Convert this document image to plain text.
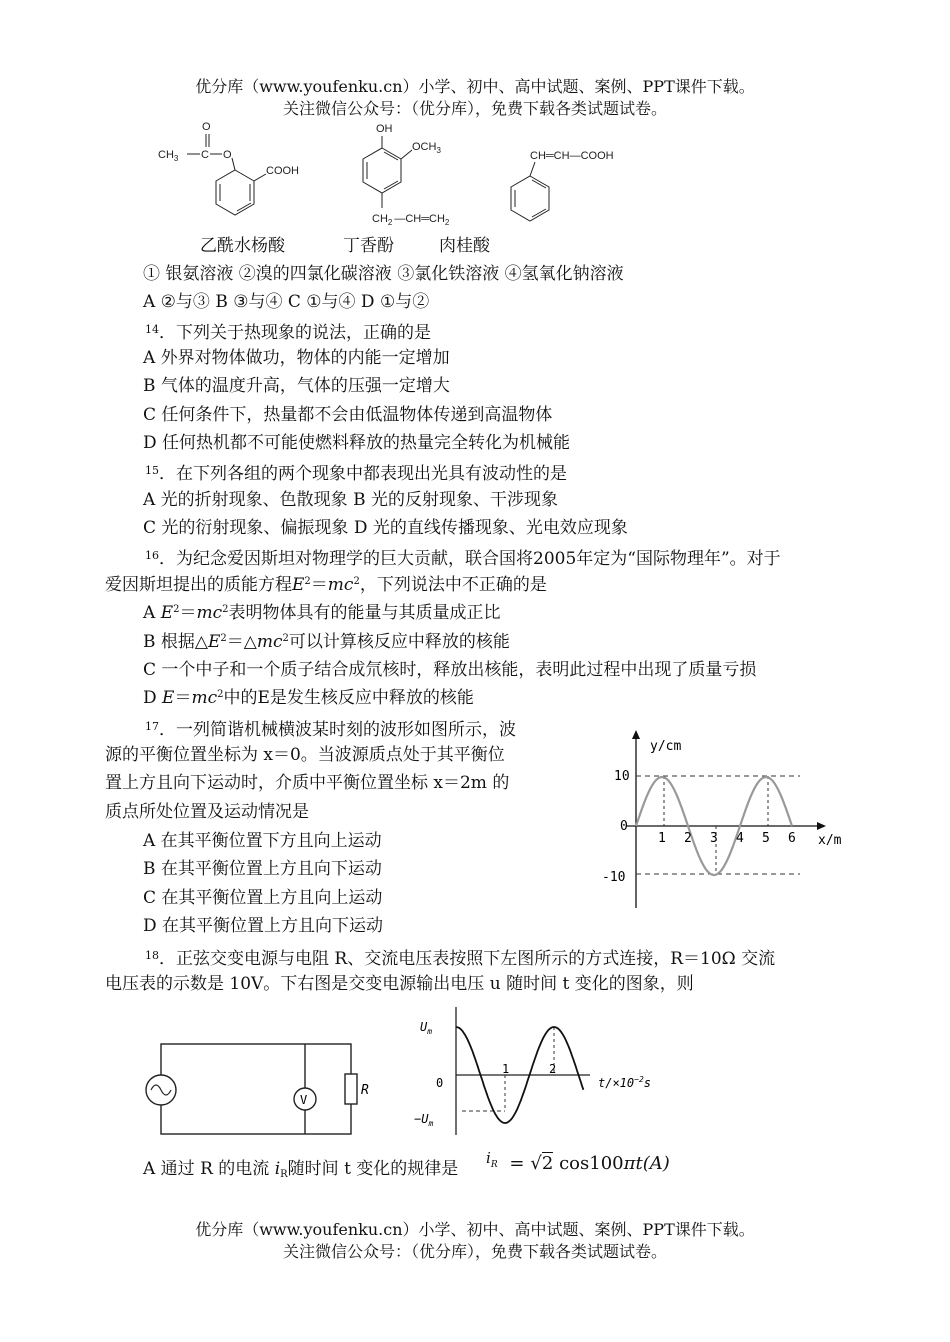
优分库（www.youfenku.cn）小学、初中、高中试题、案例、PPT课件下载。
关注微信公众号：（优分库），免费下载各类试题试卷。
$CH_3$ C
O
O
COOH
OH
$OCH_3$
$CH_2$ $—CH═CH_2$
CH═CH—COOH
乙酰水杨酸	丁香酚	肉桂酸
① 银氨溶液 ②溴的四氯化碳溶液 ③氯化铁溶液 ④氢氧化钠溶液
A ②与③ B ③与④ C ①与④ D ①与②
$^{14}$．下列关于热现象的说法，正确的是
A 外界对物体做功，物体的内能一定增加
B 气体的温度升高，气体的压强一定增大
C 任何条件下，热量都不会由低温物体传递到高温物体
D 任何热机都不可能使燃料释放的热量完全转化为机械能
$^{15}$．在下列各组的两个现象中都表现出光具有波动性的是
A 光的折射现象、色散现象 B 光的反射现象、干涉现象
C 光的衍射现象、偏振现象 D 光的直线传播现象、光电效应现象
$^{16}$．为纪念爱因斯坦对物理学的巨大贡献，联合国将2005年定为“国际物理年”。对于
爱因斯坦提出的质能方程$E^2=mc^2$，下列说法中不正确的是
A $E^2=mc^2$表明物体具有的能量与其质量成正比
B 根据$\triangle E^2=\triangle mc^2$可以计算核反应中释放的核能
C 一个中子和一个质子结合成氘核时，释放出核能，表明此过程中出现了质量亏损
D $E=mc^2$中的E是发生核反应中释放的核能
$^{17}$．一列简谐机械横波某时刻的波形如图所示，波
源的平衡位置坐标为 x＝0。当波源质点处于其平衡位
置上方且向下运动时，介质中平衡位置坐标 x＝2m 的
质点所处位置及运动情况是
A 在其平衡位置下方且向上运动
B 在其平衡位置上方且向下运动
C 在其平衡位置上方且向上运动
D 在其平衡位置上方且向下运动
y/cm
x/m
10
0
-10
1 2 3 4 5 6
$^{18}$．正弦交变电源与电阻 R、交流电压表按照下左图所示的方式连接，R＝10Ω 交流
电压表的示数是 10V。下右图是交变电源输出电压 u 随时间 t 变化的图象，则
V
R
$U_m$
0
$-U_m$
1	2
$t/\times 10^{-2}s$
A 通过 R 的电流 $i_R$随时间 t 变化的规律是
$^i_R$ = √2 cos100πt(A)
优分库（www.youfenku.cn）小学、初中、高中试题、案例、PPT课件下载。
关注微信公众号：（优分库），免费下载各类试题试卷。
